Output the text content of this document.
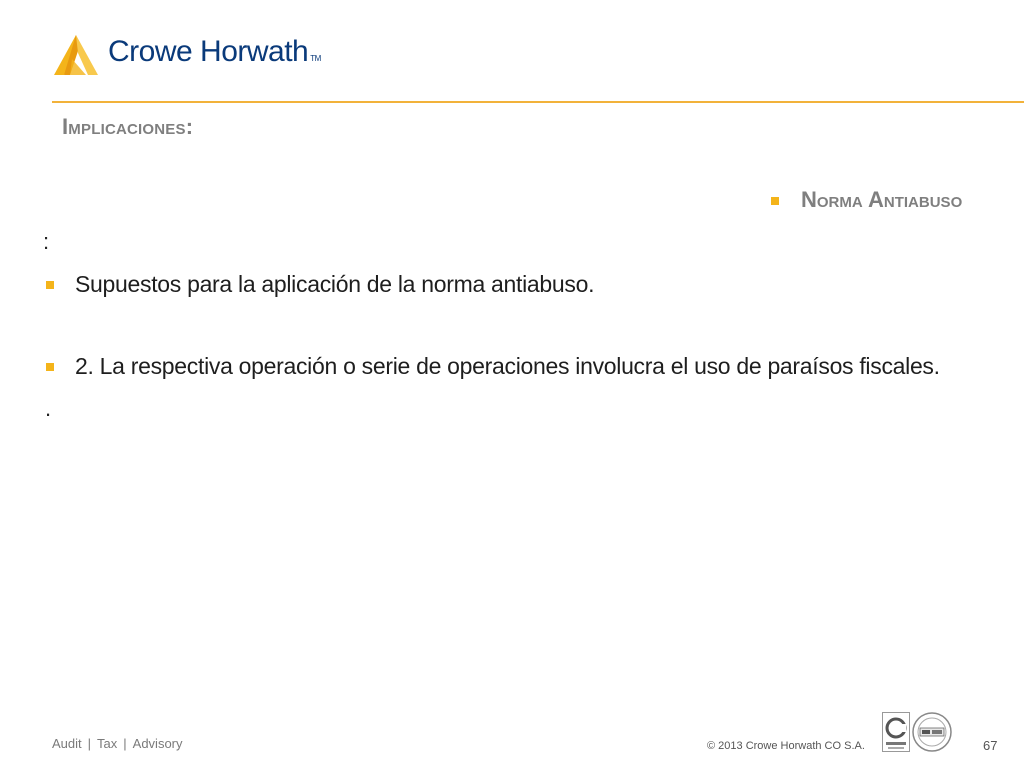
Crowe Horwath TM
Implicaciones:
Norma Antiabuso
:
Supuestos para la aplicación de la norma antiabuso.
2. La respectiva operación o serie de operaciones involucra el uso de paraísos fiscales.
.
Audit | Tax | Advisory	© 2013 Crowe Horwath CO S.A.	67
